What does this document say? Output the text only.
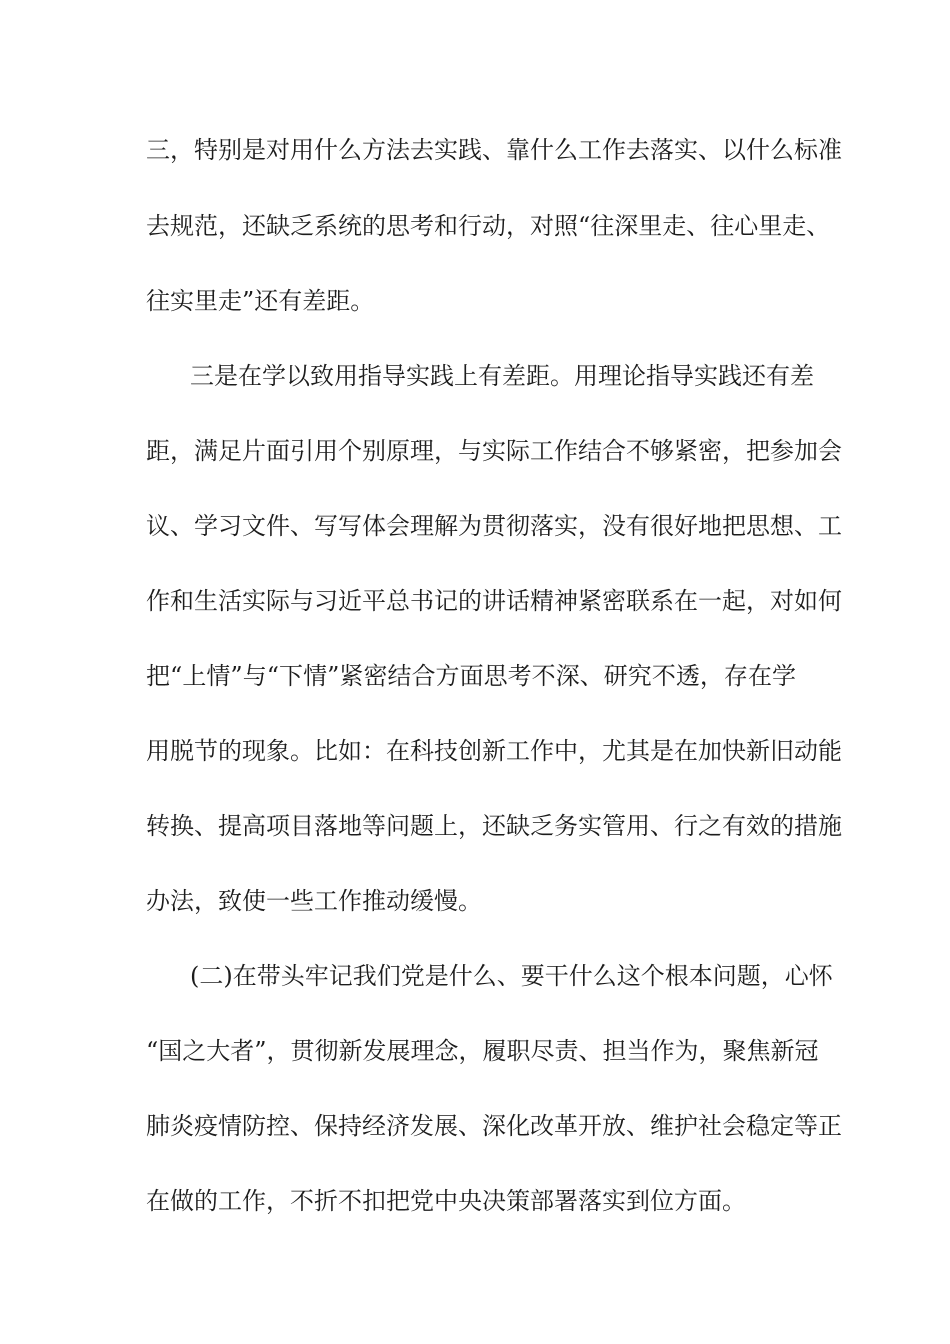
三，特别是对用什么方法去实践、靠什么工作去落实、以什么标准
去规范，还缺乏系统的思考和行动，对照“往深里走、往心里走、
往实里走”还有差距。
三是在学以致用指导实践上有差距。用理论指导实践还有差
距，满足片面引用个别原理，与实际工作结合不够紧密，把参加会
议、学习文件、写写体会理解为贯彻落实，没有很好地把思想、工
作和生活实际与习近平总书记的讲话精神紧密联系在一起，对如何
把“上情”与“下情”紧密结合方面思考不深、研究不透，存在学
用脱节的现象。比如：在科技创新工作中，尤其是在加快新旧动能
转换、提高项目落地等问题上，还缺乏务实管用、行之有效的措施
办法，致使一些工作推动缓慢。
(二)在带头牢记我们党是什么、要干什么这个根本问题，心怀
“国之大者”，贯彻新发展理念，履职尽责、担当作为，聚焦新冠
肺炎疫情防控、保持经济发展、深化改革开放、维护社会稳定等正
在做的工作，不折不扣把党中央决策部署落实到位方面。
